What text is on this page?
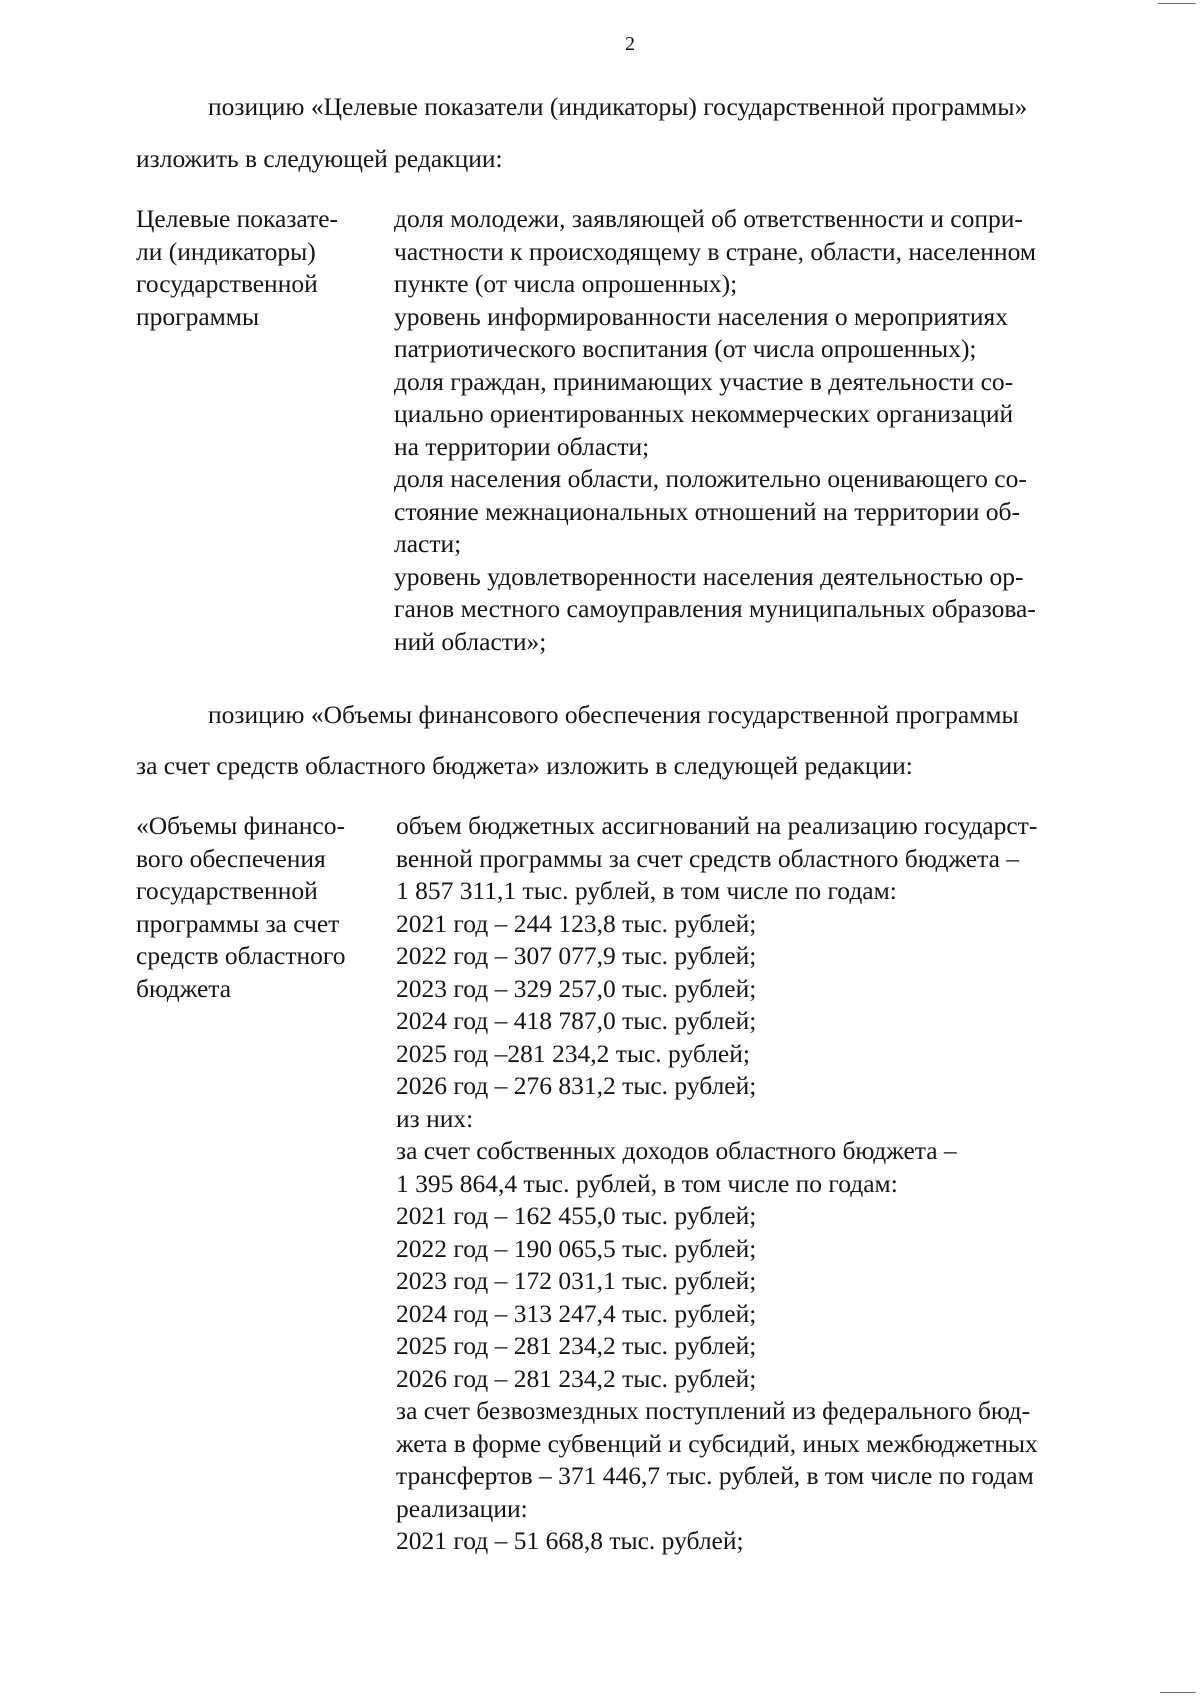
2
позицию «Целевые показатели (индикаторы) государственной программы»
изложить в следующей редакции:
Целевые показате-
ли (индикаторы)
государственной
программы
доля молодежи, заявляющей об ответственности и сопри-
частности к происходящему в стране, области, населенном
пункте (от числа опрошенных);
уровень информированности населения о мероприятиях
патриотического воспитания (от числа опрошенных);
доля граждан, принимающих участие в деятельности со-
циально ориентированных некоммерческих организаций
на территории области;
доля населения области, положительно оценивающего со-
стояние межнациональных отношений на территории об-
ласти;
уровень удовлетворенности населения деятельностью ор-
ганов местного самоуправления муниципальных образова-
ний области»;
позицию «Объемы финансового обеспечения государственной программы
за счет средств областного бюджета» изложить в следующей редакции:
«Объемы финансо-
вого обеспечения
государственной
программы за счет
средств областного
бюджета
объем бюджетных ассигнований на реализацию государст-
венной программы за счет средств областного бюджета –
1 857 311,1 тыс. рублей, в том числе по годам:
2021 год – 244 123,8 тыс. рублей;
2022 год – 307 077,9 тыс. рублей;
2023 год – 329 257,0 тыс. рублей;
2024 год – 418 787,0 тыс. рублей;
2025 год –281 234,2 тыс. рублей;
2026 год – 276 831,2 тыс. рублей;
из них:
за счет собственных доходов областного бюджета –
1 395 864,4 тыс. рублей, в том числе по годам:
2021 год – 162 455,0 тыс. рублей;
2022 год – 190 065,5 тыс. рублей;
2023 год – 172 031,1 тыс. рублей;
2024 год – 313 247,4 тыс. рублей;
2025 год – 281 234,2 тыс. рублей;
2026 год – 281 234,2 тыс. рублей;
за счет безвозмездных поступлений из федерального бюд-
жета в форме субвенций и субсидий, иных межбюджетных
трансфертов – 371 446,7 тыс. рублей, в том числе по годам
реализации:
2021 год – 51 668,8 тыс. рублей;
